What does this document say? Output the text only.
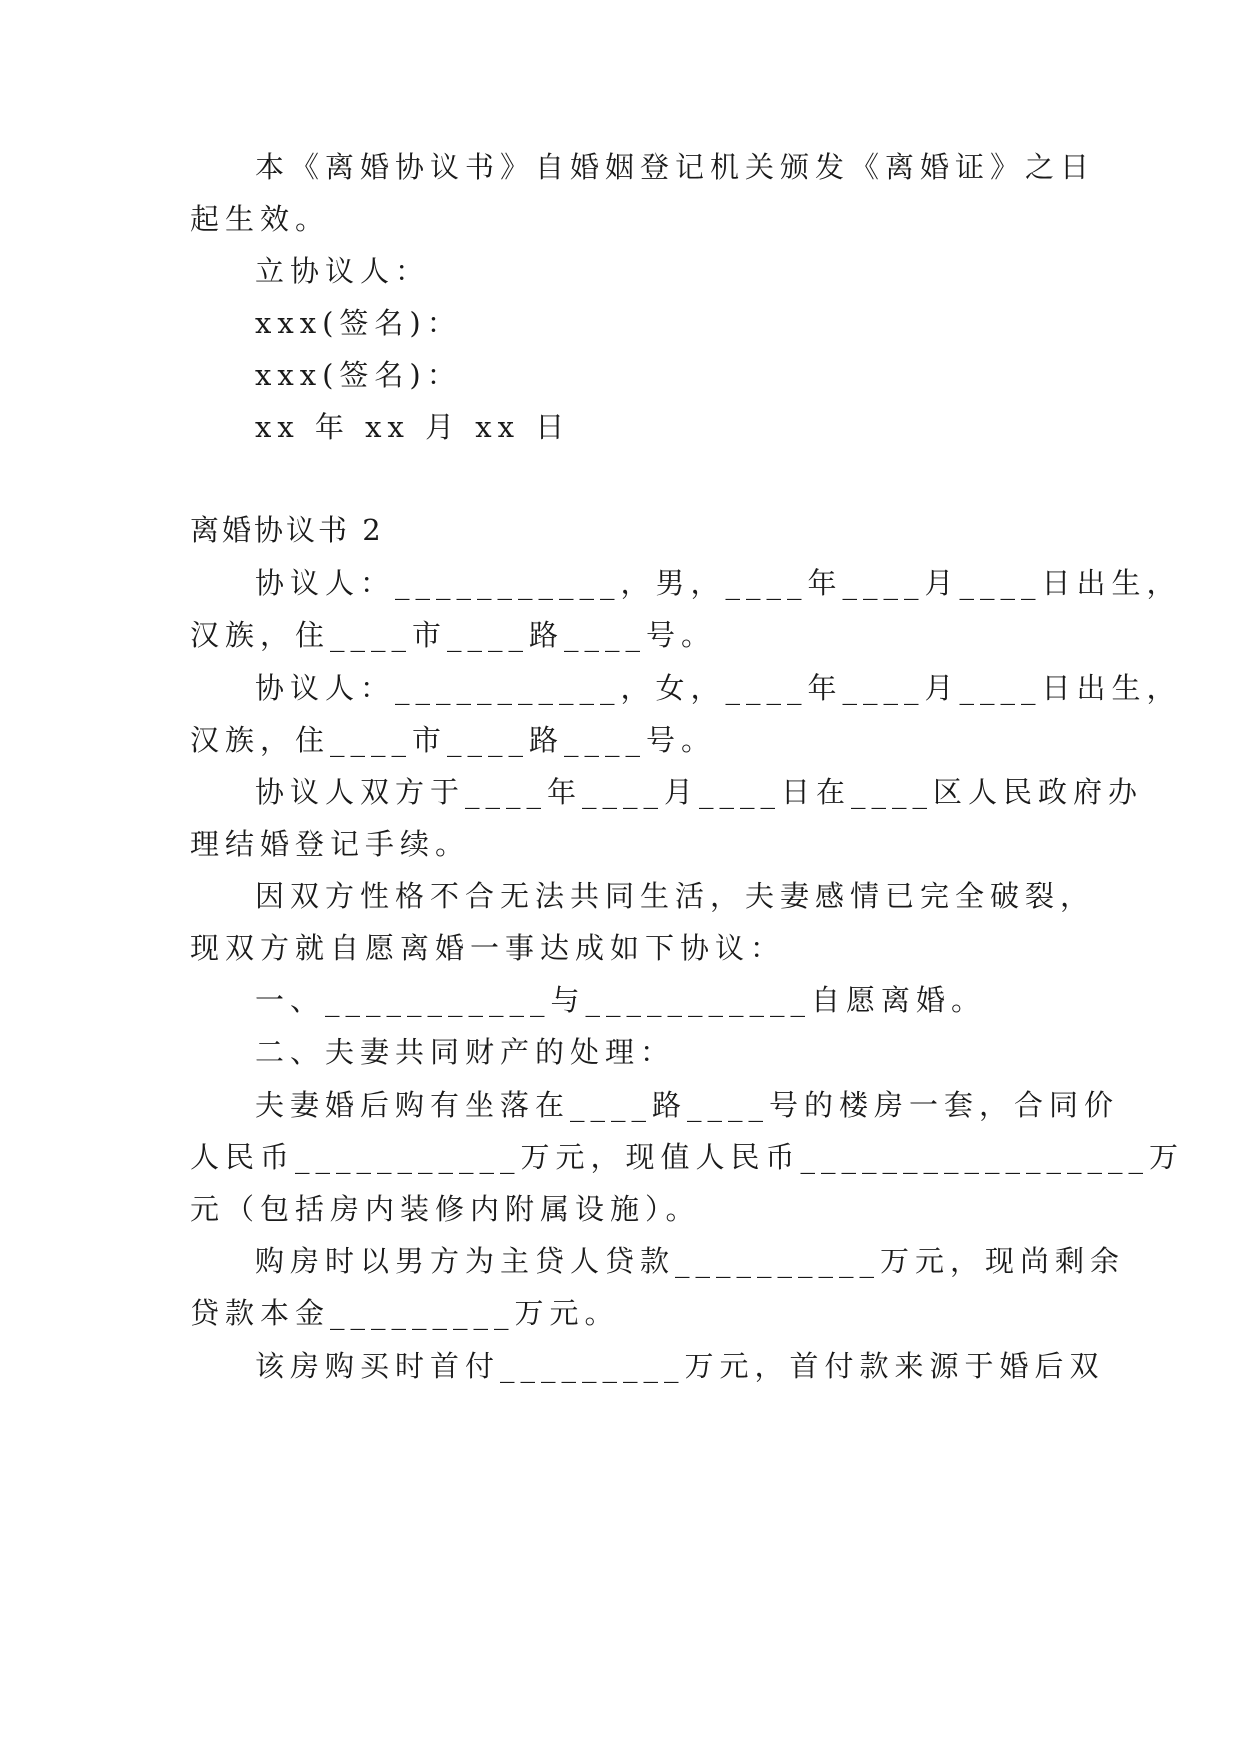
本《离婚协议书》自婚姻登记机关颁发《离婚证》之日
起生效。
立协议人：
xxx(签名)：
xxx(签名)：
xx 年 xx 月 xx 日
离婚协议书 2
协议人：___________，男，____年____月____日出生，
汉族，住____市____路____号。
协议人：___________，女，____年____月____日出生，
汉族，住____市____路____号。
协议人双方于____年____月____日在____区人民政府办
理结婚登记手续。
因双方性格不合无法共同生活，夫妻感情已完全破裂，
现双方就自愿离婚一事达成如下协议：
一、___________与___________自愿离婚。
二、夫妻共同财产的处理：
夫妻婚后购有坐落在____路____号的楼房一套，合同价
人民币___________万元，现值人民币_________________万
元（包括房内装修内附属设施）。
购房时以男方为主贷人贷款__________万元，现尚剩余
贷款本金_________万元。
该房购买时首付_________万元，首付款来源于婚后双
